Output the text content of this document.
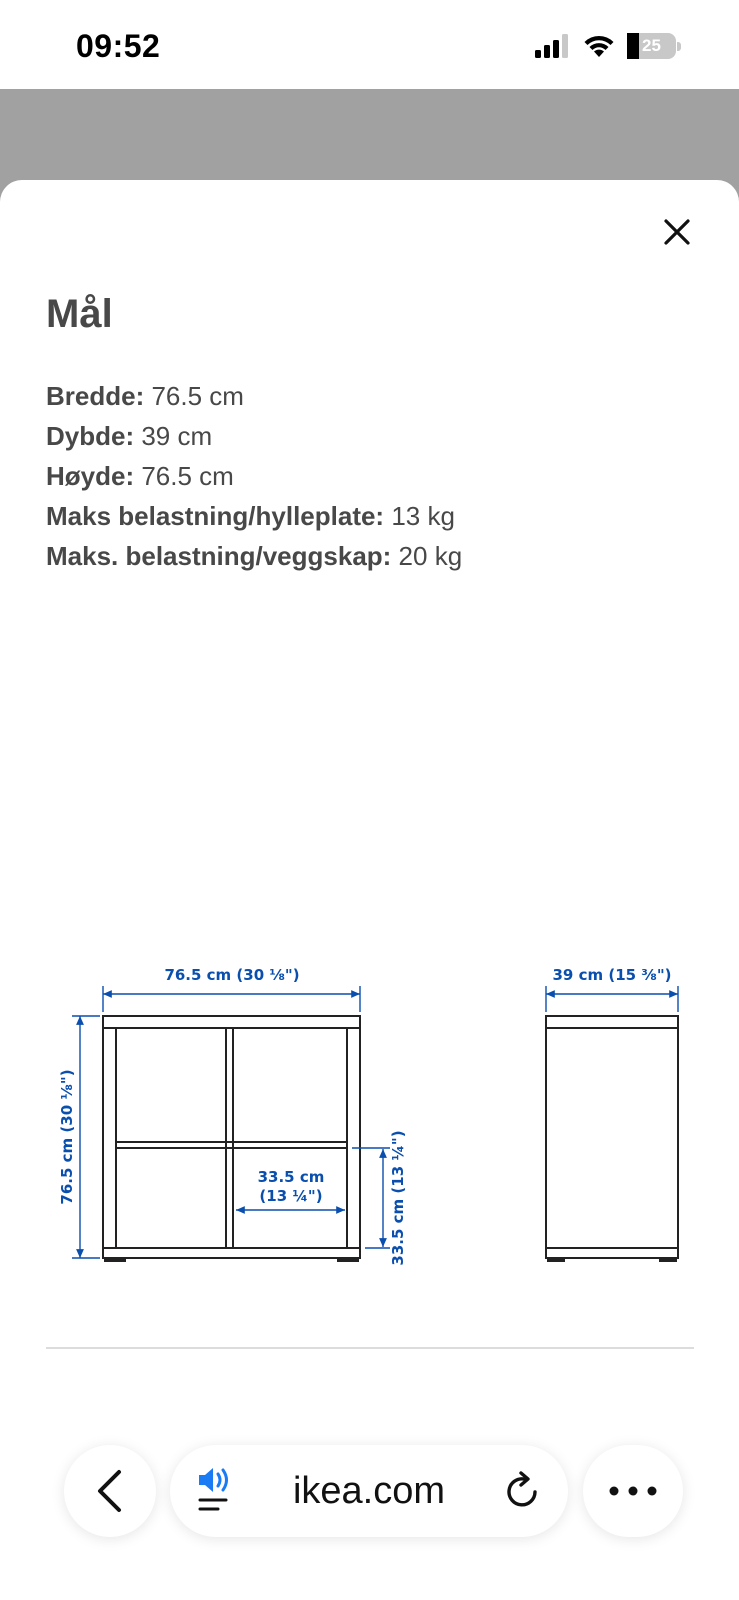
09:52	25
Mål
Bredde: 76.5 cm
Dybde: 39 cm
Høyde: 76.5 cm
Maks belastning/hylleplate: 13 kg
Maks. belastning/veggskap: 20 kg
76.5 cm (30 ⅛")
76.5 cm (30 ⅛")	33.5 cm
(13 ¼")	33.5 cm (13 ¼")
39 cm (15 ⅜")
ikea.com
